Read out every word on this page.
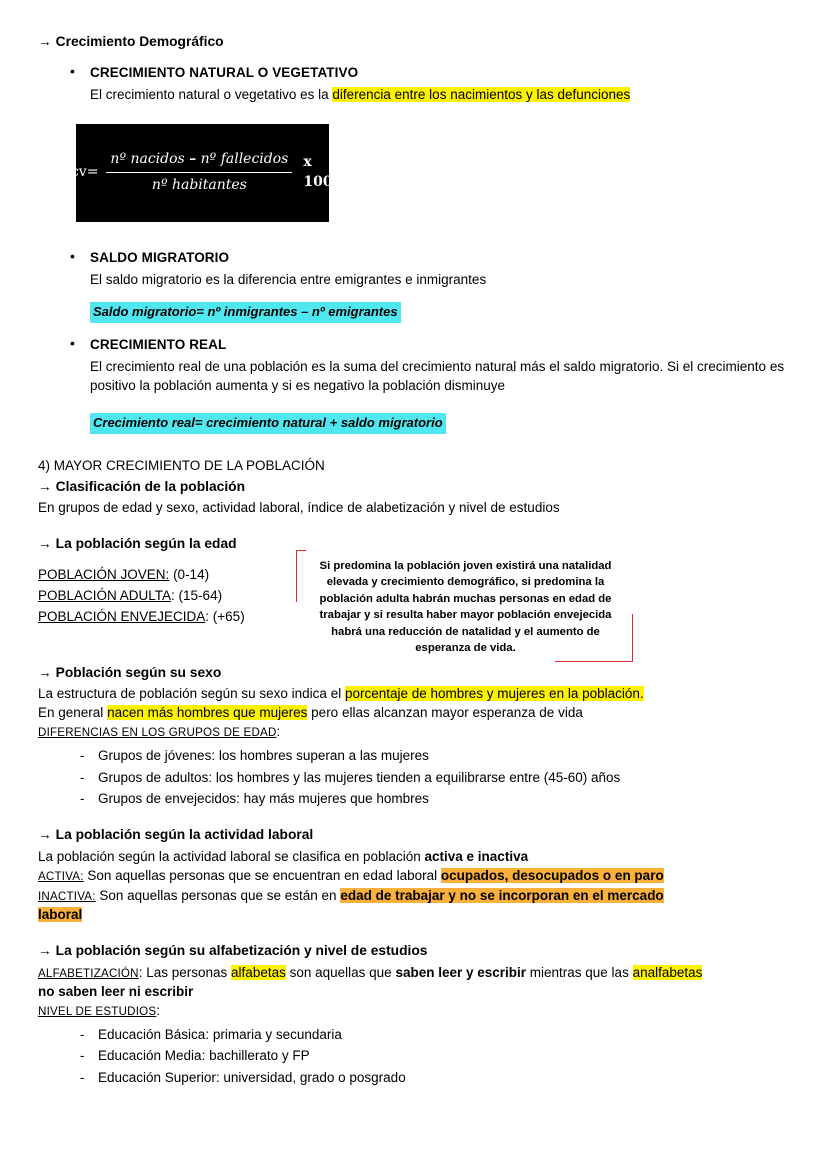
→ Crecimiento Demográfico
• CRECIMIENTO NATURAL O VEGETATIVO
El crecimiento natural o vegetativo es la diferencia entre los nacimientos y las defunciones
$Tcv= \frac{\text{nº nacidos – nº fallecidos}}{\text{nº habitantes}}$ x 1000
• SALDO MIGRATORIO
El saldo migratorio es la diferencia entre emigrantes e inmigrantes
Saldo migratorio= nº inmigrantes – nº emigrantes
• CRECIMIENTO REAL
El crecimiento real de una población es la suma del crecimiento natural más el saldo migratorio. Si el crecimiento es positivo la población aumenta y si es negativo la población disminuye
Crecimiento real= crecimiento natural + saldo migratorio
4) MAYOR CRECIMIENTO DE LA POBLACIÓN
→ Clasificación de la población
En grupos de edad y sexo, actividad laboral, índice de alabetización y nivel de estudios
→ La población según la edad
POBLACIÓN JOVEN: (0-14)
POBLACIÓN ADULTA: (15-64)
POBLACIÓN ENVEJECIDA: (+65)
Si predomina la población joven existirá una natalidad elevada y crecimiento demográfico, si predomina la población adulta habrán muchas personas en edad de trabajar y si resulta haber mayor población envejecida habrá una reducción de natalidad y el aumento de esperanza de vida.
→ Población según su sexo
La estructura de población según su sexo indica el porcentaje de hombres y mujeres en la población.
En general nacen más hombres que mujeres pero ellas alcanzan mayor esperanza de vida
DIFERENCIAS EN LOS GRUPOS DE EDAD:
- Grupos de jóvenes: los hombres superan a las mujeres
- Grupos de adultos: los hombres y las mujeres tienden a equilibrarse entre (45-60) años
- Grupos de envejecidos: hay más mujeres que hombres
→ La población según la actividad laboral
La población según la actividad laboral se clasifica en población activa e inactiva
ACTIVA: Son aquellas personas que se encuentran en edad laboral ocupados, desocupados o en paro
INACTIVA: Son aquellas personas que se están en edad de trabajar y no se incorporan en el mercado
laboral
→ La población según su alfabetización y nivel de estudios
ALFABETIZACIÓN: Las personas alfabetas son aquellas que saben leer y escribir mientras que las analfabetas
no saben leer ni escribir
NIVEL DE ESTUDIOS:
- Educación Básica: primaria y secundaria
- Educación Media: bachillerato y FP
- Educación Superior: universidad, grado o posgrado
